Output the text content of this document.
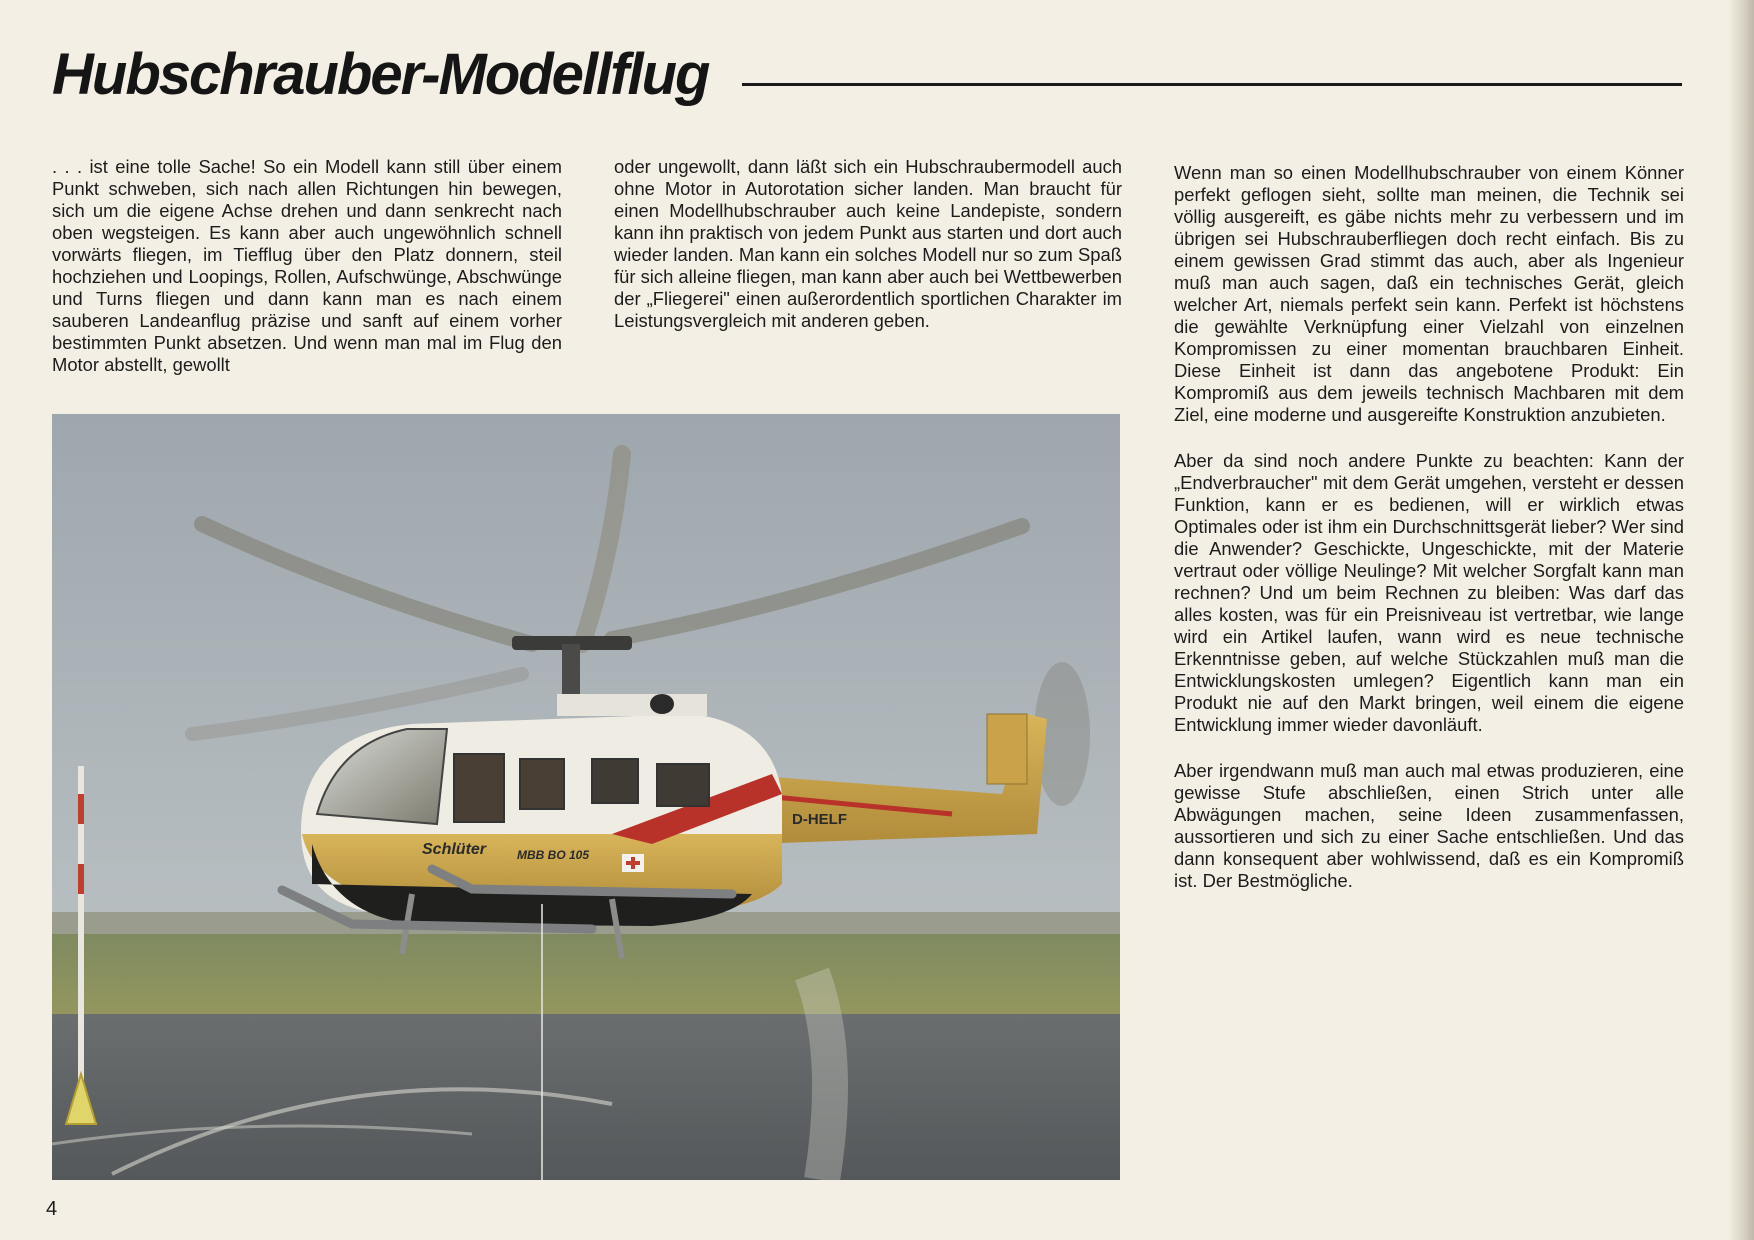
Hubschrauber-Modellflug

. . . ist eine tolle Sache! So ein Modell kann still über einem Punkt schweben, sich nach allen Richtungen hin bewegen, sich um die eigene Achse drehen und dann senkrecht nach oben wegsteigen. Es kann aber auch ungewöhnlich schnell vorwärts fliegen, im Tiefflug über den Platz donnern, steil hochziehen und Loopings, Rollen, Aufschwünge, Abschwünge und Turns fliegen und dann kann man es nach einem sauberen Landeanflug präzise und sanft auf einem vorher bestimmten Punkt absetzen. Und wenn man mal im Flug den Motor abstellt, gewollt

oder ungewollt, dann läßt sich ein Hubschraubermodell auch ohne Motor in Autorotation sicher landen. Man braucht für einen Modellhubschrauber auch keine Landepiste, sondern kann ihn praktisch von jedem Punkt aus starten und dort auch wieder landen. Man kann ein solches Modell nur so zum Spaß für sich alleine fliegen, man kann aber auch bei Wettbewerben der „Fliegerei" einen außerordentlich sportlichen Charakter im Leistungsvergleich mit anderen geben.

Wenn man so einen Modellhubschrauber von einem Könner perfekt geflogen sieht, sollte man meinen, die Technik sei völlig ausgereift, es gäbe nichts mehr zu verbessern und im übrigen sei Hubschrauberfliegen doch recht einfach. Bis zu einem gewissen Grad stimmt das auch, aber als Ingenieur muß man auch sagen, daß ein technisches Gerät, gleich welcher Art, niemals perfekt sein kann. Perfekt ist höchstens die gewählte Verknüpfung einer Vielzahl von einzelnen Kompromissen zu einer momentan brauchbaren Einheit. Diese Einheit ist dann das angebotene Produkt: Ein Kompromiß aus dem jeweils technisch Machbaren mit dem Ziel, eine moderne und ausgereifte Konstruktion anzubieten.

Aber da sind noch andere Punkte zu beachten: Kann der „Endverbraucher" mit dem Gerät umgehen, versteht er dessen Funktion, kann er es bedienen, will er wirklich etwas Optimales oder ist ihm ein Durchschnittsgerät lieber? Wer sind die Anwender? Geschickte, Ungeschickte, mit der Materie vertraut oder völlige Neulinge? Mit welcher Sorgfalt kann man rechnen? Und um beim Rechnen zu bleiben: Was darf das alles kosten, was für ein Preisniveau ist vertretbar, wie lange wird ein Artikel laufen, wann wird es neue technische Erkenntnisse geben, auf welche Stückzahlen muß man die Entwicklungskosten umlegen? Eigentlich kann man ein Produkt nie auf den Markt bringen, weil einem die eigene Entwicklung immer wieder davonläuft.

Aber irgendwann muß man auch mal etwas produzieren, eine gewisse Stufe abschließen, einen Strich unter alle Abwägungen machen, seine Ideen zusammenfassen, aussortieren und sich zu einer Sache entschließen. Und das dann konsequent aber wohlwissend, daß es ein Kompromiß ist. Der Bestmögliche.

D-HELF
Schlüter	MBB BO 105
4
